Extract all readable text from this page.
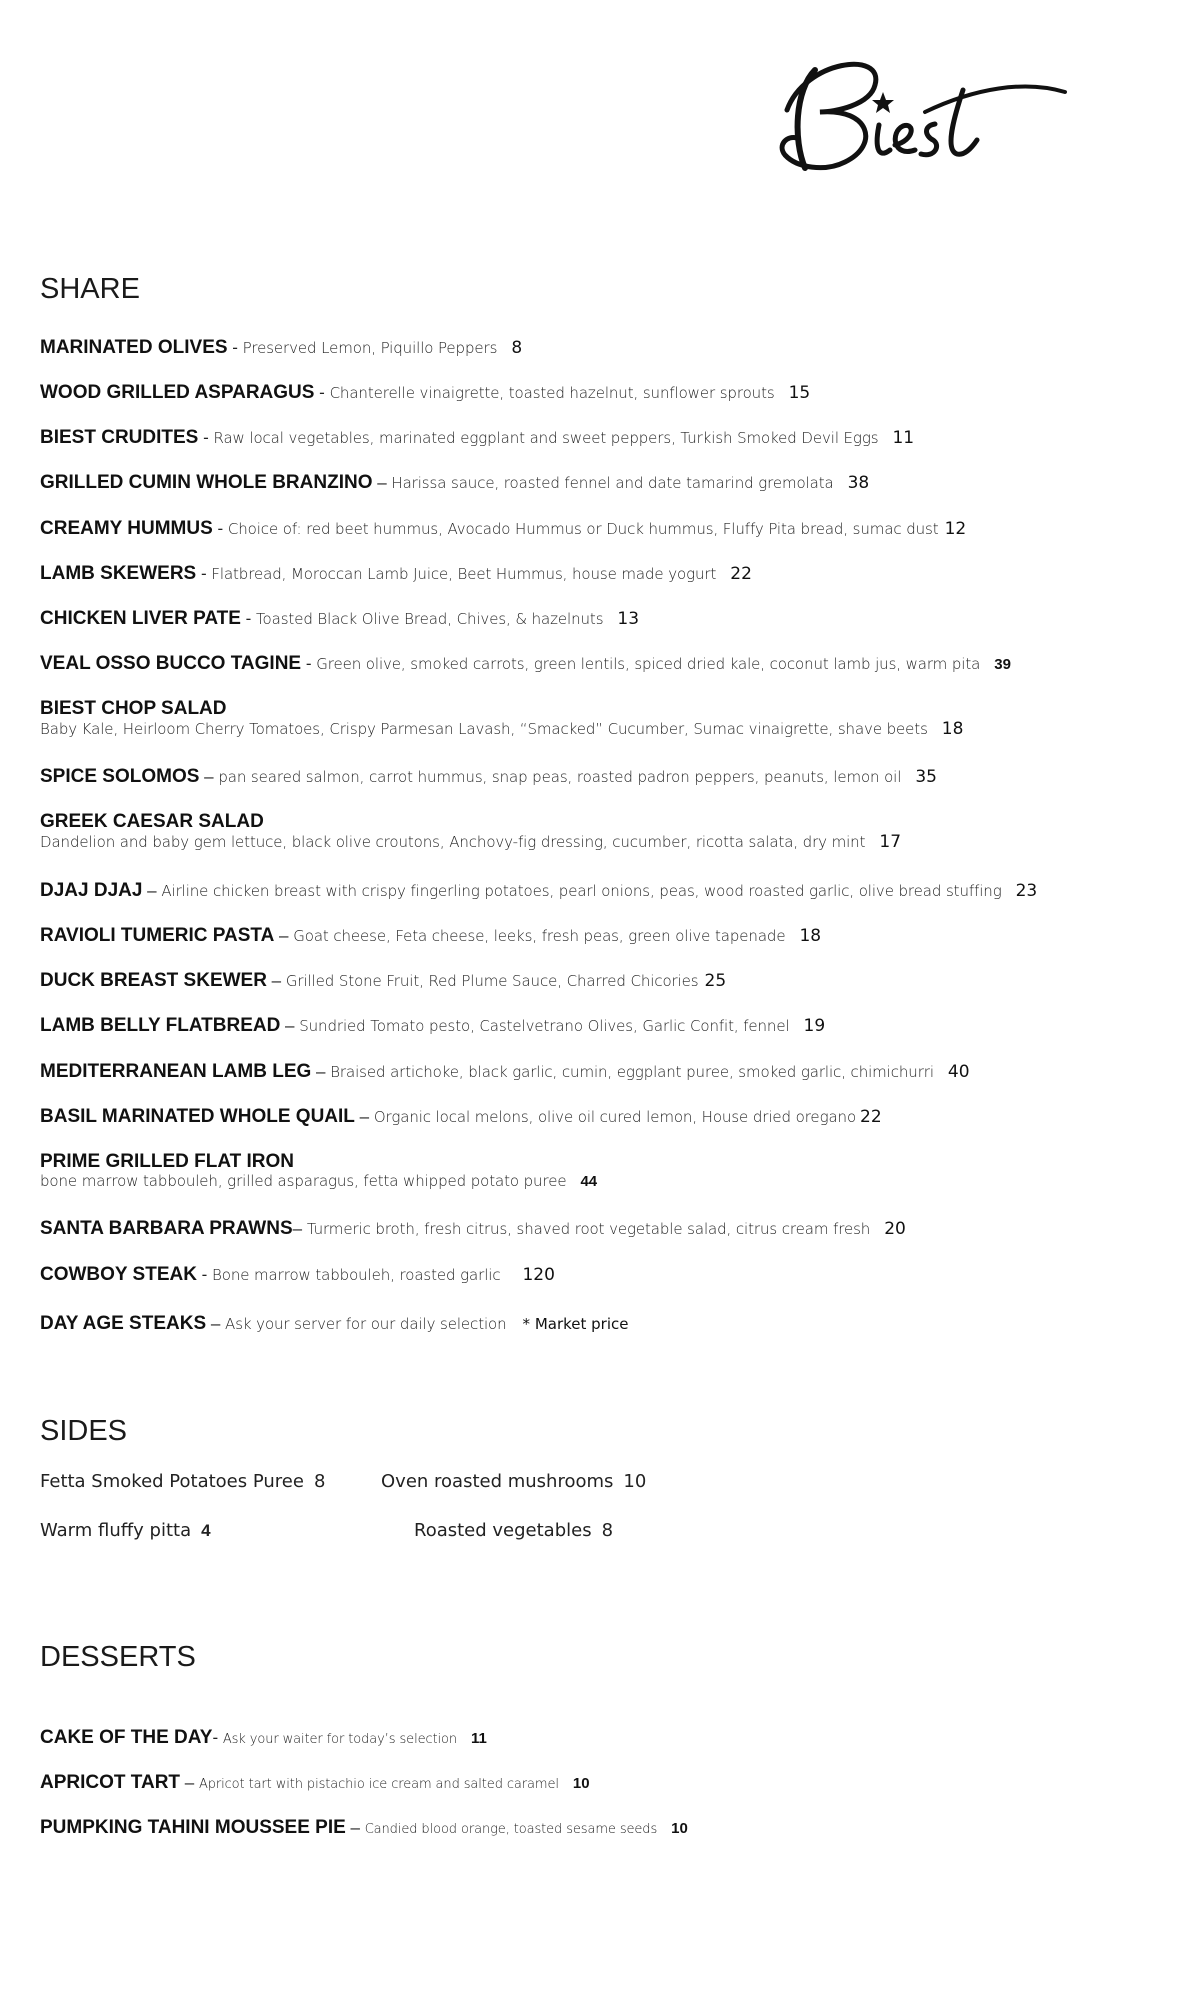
SHARE
MARINATED OLIVES - Preserved Lemon, Piquillo Peppers 8
WOOD GRILLED ASPARAGUS - Chanterelle vinaigrette, toasted hazelnut, sunflower sprouts 15
BIEST CRUDITES - Raw local vegetables, marinated eggplant and sweet peppers, Turkish Smoked Devil Eggs 11
GRILLED CUMIN WHOLE BRANZINO – Harissa sauce, roasted fennel and date tamarind gremolata 38
CREAMY HUMMUS - Choice of: red beet hummus, Avocado Hummus or Duck hummus, Fluffy Pita bread, sumac dust 12
LAMB SKEWERS - Flatbread, Moroccan Lamb Juice, Beet Hummus, house made yogurt 22
CHICKEN LIVER PATE - Toasted Black Olive Bread, Chives, & hazelnuts 13
VEAL OSSO BUCCO TAGINE - Green olive, smoked carrots, green lentils, spiced dried kale, coconut lamb jus, warm pita 39
BIEST CHOP SALAD
Baby Kale, Heirloom Cherry Tomatoes, Crispy Parmesan Lavash, “Smacked” Cucumber, Sumac vinaigrette, shave beets 18
SPICE SOLOMOS – pan seared salmon, carrot hummus, snap peas, roasted padron peppers, peanuts, lemon oil 35
GREEK CAESAR SALAD
Dandelion and baby gem lettuce, black olive croutons, Anchovy-fig dressing, cucumber, ricotta salata, dry mint 17
DJAJ DJAJ – Airline chicken breast with crispy fingerling potatoes, pearl onions, peas, wood roasted garlic, olive bread stuffing 23
RAVIOLI TUMERIC PASTA – Goat cheese, Feta cheese, leeks, fresh peas, green olive tapenade 18
DUCK BREAST SKEWER – Grilled Stone Fruit, Red Plume Sauce, Charred Chicories 25
LAMB BELLY FLATBREAD – Sundried Tomato pesto, Castelvetrano Olives, Garlic Confit, fennel 19
MEDITERRANEAN LAMB LEG – Braised artichoke, black garlic, cumin, eggplant puree, smoked garlic, chimichurri 40
BASIL MARINATED WHOLE QUAIL – Organic local melons, olive oil cured lemon, House dried oregano 22
PRIME GRILLED FLAT IRON
bone marrow tabbouleh, grilled asparagus, fetta whipped potato puree 44
SANTA BARBARA PRAWNS– Turmeric broth, fresh citrus, shaved root vegetable salad, citrus cream fresh 20
COWBOY STEAK - Bone marrow tabbouleh, roasted garlic 120
DAY AGE STEAKS – Ask your server for our daily selection * Market price
SIDES
Fetta Smoked Potatoes Puree 8	Oven roasted mushrooms 10
Warm fluffy pitta 4	Roasted vegetables 8
DESSERTS
CAKE OF THE DAY- Ask your waiter for today’s selection 11
APRICOT TART – Apricot tart with pistachio ice cream and salted caramel 10
PUMPKING TAHINI MOUSSEE PIE – Candied blood orange, toasted sesame seeds 10
